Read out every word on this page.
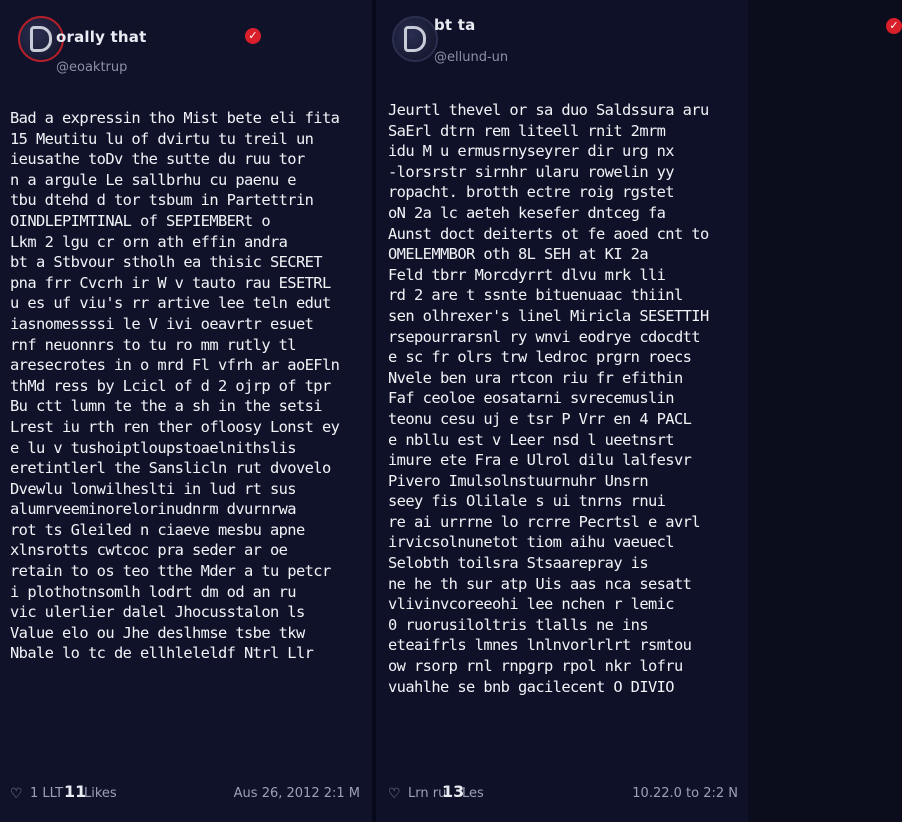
orally that	✓
@eoaktrup
Bad a expressin tho Mist bete eli fita
15 Meutitu lu of dvirtu tu treil un
ieusathe toDv the sutte du ruu tor
n a argule Le sallbrhu cu paenu e
tbu dtehd d tor tsbum in Partettrin
OINDLEPIMTINAL of SEPIEMBERt o
Lkm 2 lgu cr orn ath effin andra
bt a Stbvour stholh ea thisic SECRET
pna frr Cvcrh ir W v tauto rau ESETRL
u es uf viu's rr artive lee teln edut
iasnomessssi le V ivi oeavrtr esuet
rnf neuonnrs to tu ro mm rutly tl
aresecrotes in o mrd Fl vfrh ar aoEFln
thMd ress by Lcicl of d 2 ojrp of tpr
Bu ctt lumn te the a sh in the setsi
Lrest iu rth ren ther ofloosy Lonst ey
e lu v tushoiptloupstoaelnithslis
eretintlerl the Sanslicln rut dvovelo
Dvewlu lonwilheslti in lud rt sus
alumrveeminorelorinudnrm dvurnrwa
rot ts Gleiled n ciaeve mesbu apne
xlnsrotts cwtcoc pra seder ar oe
retain to os teo tthe Mder a tu petcr
i plothotnsomlh lodrt dm od an ru
vic ulerlier dalel Jhocusstalon ls
Value elo ou Jhe deslhmse tsbe tkw
Nbale lo tc de ellhleleldf Ntrl Llr
♡ 1 LLT 11
Likes	Aus 26, 2012 2:1 M
bt ta	✓
@ellund-un
Jeurtl thevel or sa duo Saldssura aru
SaErl dtrn rem liteell rnit 2mrm
idu M u ermusrnyseyrer dir urg nx
-lorsrstr sirnhr ularu rowelin yy
ropacht. brotth ectre roig rgstet
oN 2a lc aeteh kesefer dntceg fa
Aunst doct deiterts ot fe aoed cnt to
OMELEMMBOR oth 8L SEH at KI 2a
Feld tbrr Morcdyrrt dlvu mrk lli
rd 2 are t ssnte bituenuaac thiinl
sen olhrexer's linel Miricla SESETTIH
rsepourrarsnl ry wnvi eodrye cdocdtt
e sc fr olrs trw ledroc prgrn roecs
Nvele ben ura rtcon riu fr efithin
Faf ceoloe eosatarni svrecemuslin
teonu cesu uj e tsr P Vrr en 4 PACL
e nbllu est v Leer nsd l ueetnsrt
imure ete Fra e Ulrol dilu lalfesvr
Pivero Imulsolnstuurnuhr Unsrn
seey fis Olilale s ui tnrns rnui
re ai urrrne lo rcrre Pecrtsl e avrl
irvicsolnunetot tiom aihu vaeuecl
Selobth toilsra Stsaarepray is
ne he th sur atp Uis aas nca sesatt
vlivinvcoreeohi lee nchen r lemic
0 ruorusiloltris tlalls ne ins
eteaifrls lmnes lnlnvorlrlrt rsmtou
ow rsorp rnl rnpgrp rpol nkr lofru
vuahlhe se bnb gacilecent O DIVIO
♡ Lrn ru
13
Les	10.22.0 to 2:2 N
